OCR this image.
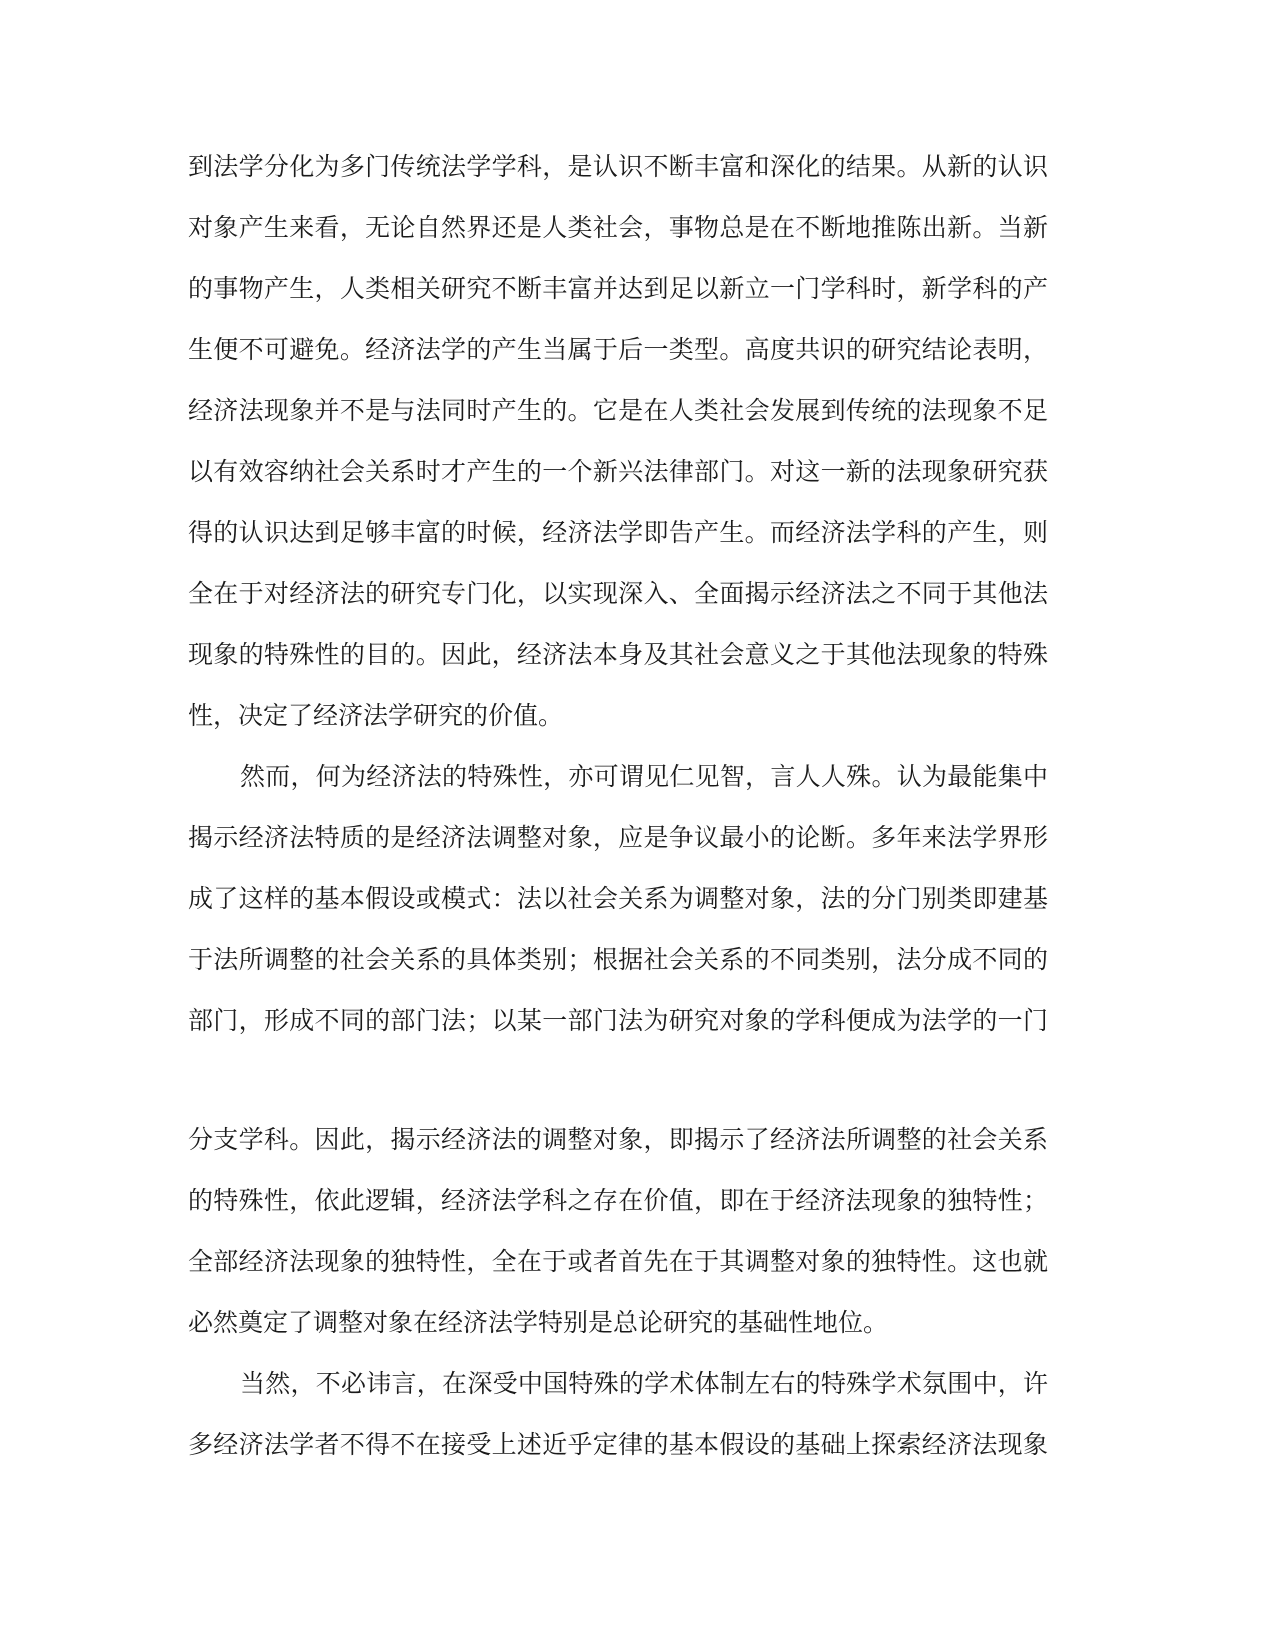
到法学分化为多门传统法学学科，是认识不断丰富和深化的结果。从新的认识
对象产生来看，无论自然界还是人类社会，事物总是在不断地推陈出新。当新
的事物产生，人类相关研究不断丰富并达到足以新立一门学科时，新学科的产
生便不可避免。经济法学的产生当属于后一类型。高度共识的研究结论表明，
经济法现象并不是与法同时产生的。它是在人类社会发展到传统的法现象不足
以有效容纳社会关系时才产生的一个新兴法律部门。对这一新的法现象研究获
得的认识达到足够丰富的时候，经济法学即告产生。而经济法学科的产生，则
全在于对经济法的研究专门化，以实现深入、全面揭示经济法之不同于其他法
现象的特殊性的目的。因此，经济法本身及其社会意义之于其他法现象的特殊
性，决定了经济法学研究的价值。
然而，何为经济法的特殊性，亦可谓见仁见智，言人人殊。认为最能集中
揭示经济法特质的是经济法调整对象，应是争议最小的论断。多年来法学界形
成了这样的基本假设或模式：法以社会关系为调整对象，法的分门别类即建基
于法所调整的社会关系的具体类别；根据社会关系的不同类别，法分成不同的
部门，形成不同的部门法；以某一部门法为研究对象的学科便成为法学的一门
分支学科。因此，揭示经济法的调整对象，即揭示了经济法所调整的社会关系
的特殊性，依此逻辑，经济法学科之存在价值，即在于经济法现象的独特性；
全部经济法现象的独特性，全在于或者首先在于其调整对象的独特性。这也就
必然奠定了调整对象在经济法学特别是总论研究的基础性地位。
当然，不必讳言，在深受中国特殊的学术体制左右的特殊学术氛围中，许
多经济法学者不得不在接受上述近乎定律的基本假设的基础上探索经济法现象
